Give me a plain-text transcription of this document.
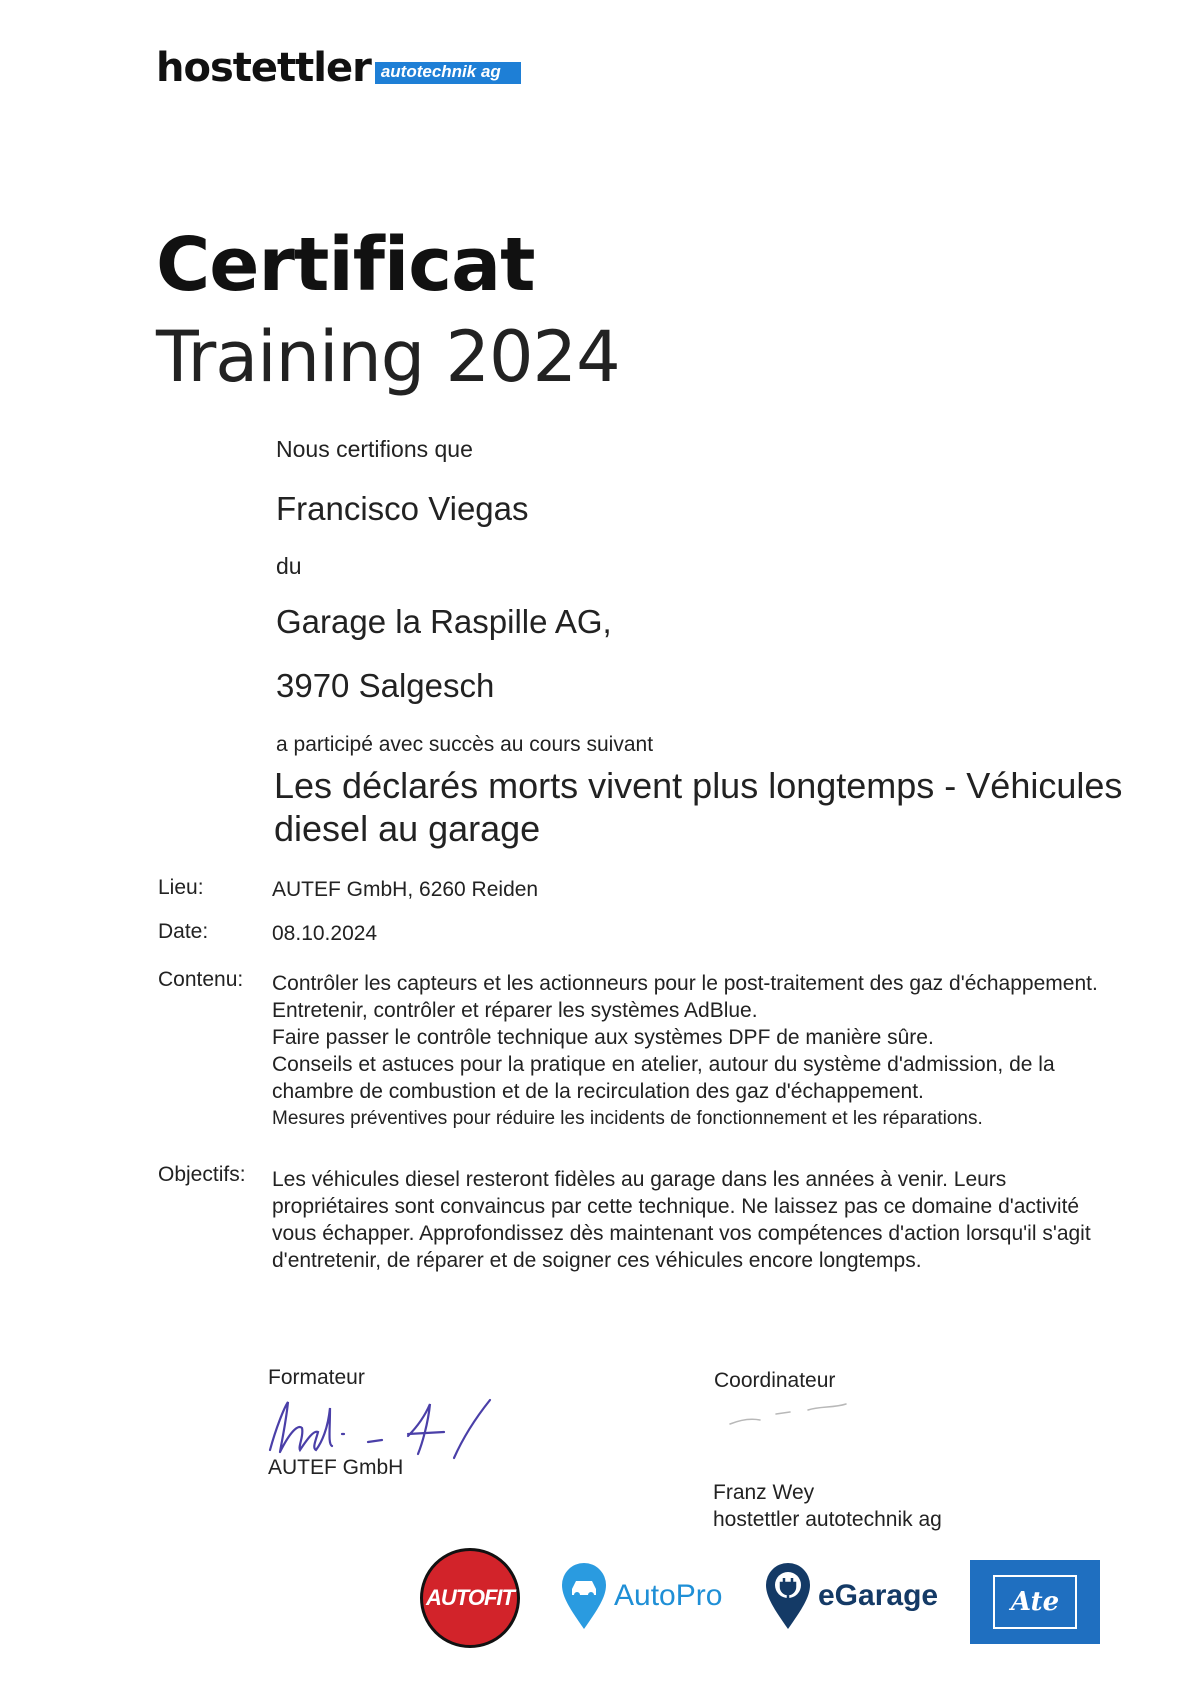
hostettler autotechnik ag
Certificat
Training 2024
Nous certifions que
Francisco Viegas
du
Garage la Raspille AG,
3970 Salgesch
a participé avec succès au cours suivant
Les déclarés morts vivent plus longtemps - Véhicules
diesel au garage
Lieu:	AUTEF GmbH, 6260 Reiden
Date:	08.10.2024
Contenu: Contrôler les capteurs et les actionneurs pour le post-traitement des gaz d'échappement.
Entretenir, contrôler et réparer les systèmes AdBlue.
Faire passer le contrôle technique aux systèmes DPF de manière sûre.
Conseils et astuces pour la pratique en atelier, autour du système d'admission, de la
chambre de combustion et de la recirculation des gaz d'échappement.
Mesures préventives pour réduire les incidents de fonctionnement et les réparations.
Objectifs: Les véhicules diesel resteront fidèles au garage dans les années à venir. Leurs
propriétaires sont convaincus par cette technique. Ne laissez pas ce domaine d'activité
vous échapper. Approfondissez dès maintenant vos compétences d'action lorsqu'il s'agit
d'entretenir, de réparer et de soigner ces véhicules encore longtemps.
Formateur
AUTEF GmbH
Coordinateur
Franz Wey
hostettler autotechnik ag
AUTOFIT	AutoPro	eGarage	Ate
